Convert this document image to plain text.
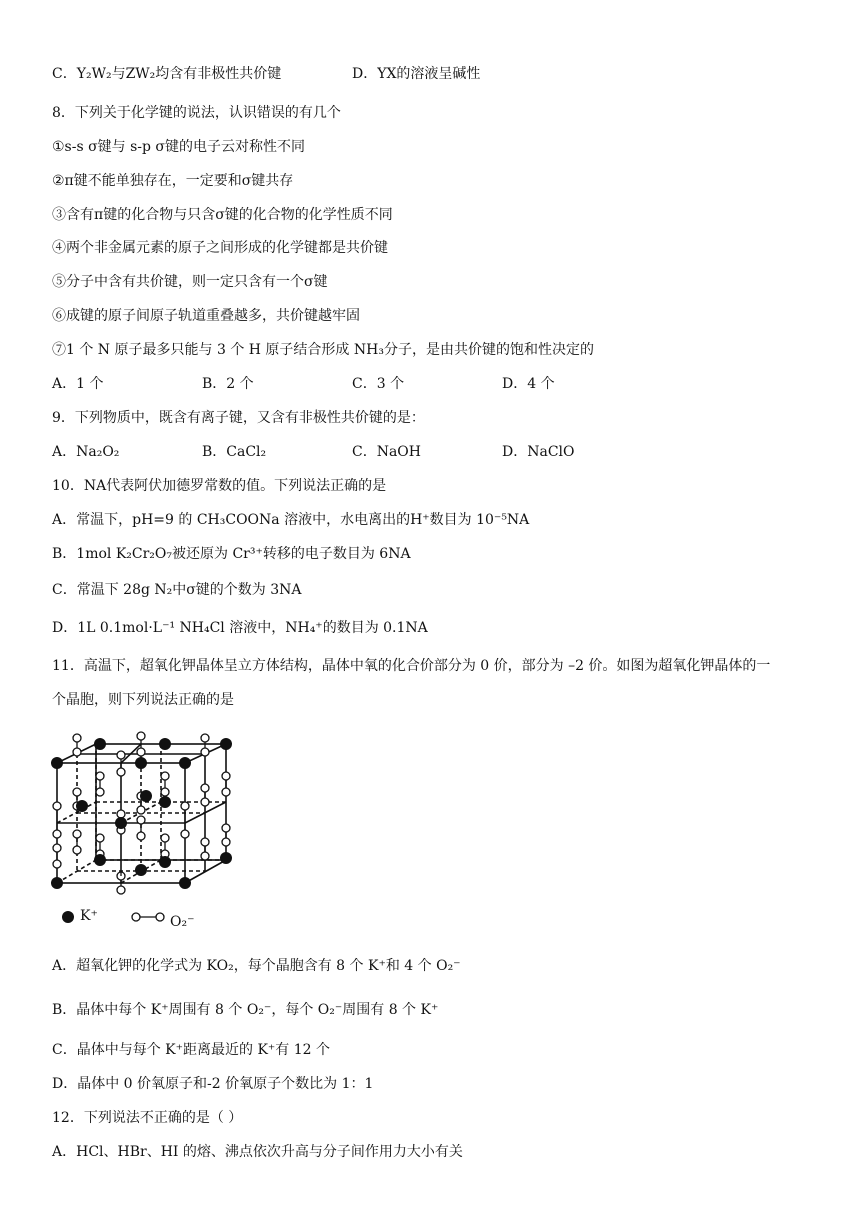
C．Y₂W₂与ZW₂均含有非极性共价键	D．YX的溶液呈碱性
8．下列关于化学键的说法，认识错误的有几个
①s-s σ键与 s-p σ键的电子云对称性不同
②π键不能单独存在，一定要和σ键共存
③含有π键的化合物与只含σ键的化合物的化学性质不同
④两个非金属元素的原子之间形成的化学键都是共价键
⑤分子中含有共价键，则一定只含有一个σ键
⑥成键的原子间原子轨道重叠越多，共价键越牢固
⑦1 个 N 原子最多只能与 3 个 H 原子结合形成 NH₃分子，是由共价键的饱和性决定的
A．1 个	B．2 个	C．3 个	D．4 个
9．下列物质中，既含有离子键，又含有非极性共价键的是：
A．Na₂O₂	B．CaCl₂	C．NaOH	D．NaClO
10．NA代表阿伏加德罗常数的值。下列说法正确的是
A．常温下，pH=9 的 CH₃COONa 溶液中，水电离出的H⁺数目为 10⁻⁵NA
B．1mol K₂Cr₂O₇被还原为 Cr³⁺转移的电子数目为 6NA
C．常温下 28g N₂中σ键的个数为 3NA
D．1L 0.1mol·L⁻¹ NH₄Cl 溶液中，NH₄⁺的数目为 0.1NA
11．高温下，超氧化钾晶体呈立方体结构，晶体中氧的化合价部分为 0 价，部分为 –2 价。如图为超氧化钾晶体的一
个晶胞，则下列说法正确的是
K⁺	O₂⁻
A．超氧化钾的化学式为 KO₂，每个晶胞含有 8 个 K⁺和 4 个 O₂⁻
B．晶体中每个 K⁺周围有 8 个 O₂⁻，每个 O₂⁻周围有 8 个 K⁺
C．晶体中与每个 K⁺距离最近的 K⁺有 12 个
D．晶体中 0 价氧原子和-2 价氧原子个数比为 1：1
12．下列说法不正确的是（ ）
A．HCl、HBr、HI 的熔、沸点依次升高与分子间作用力大小有关
